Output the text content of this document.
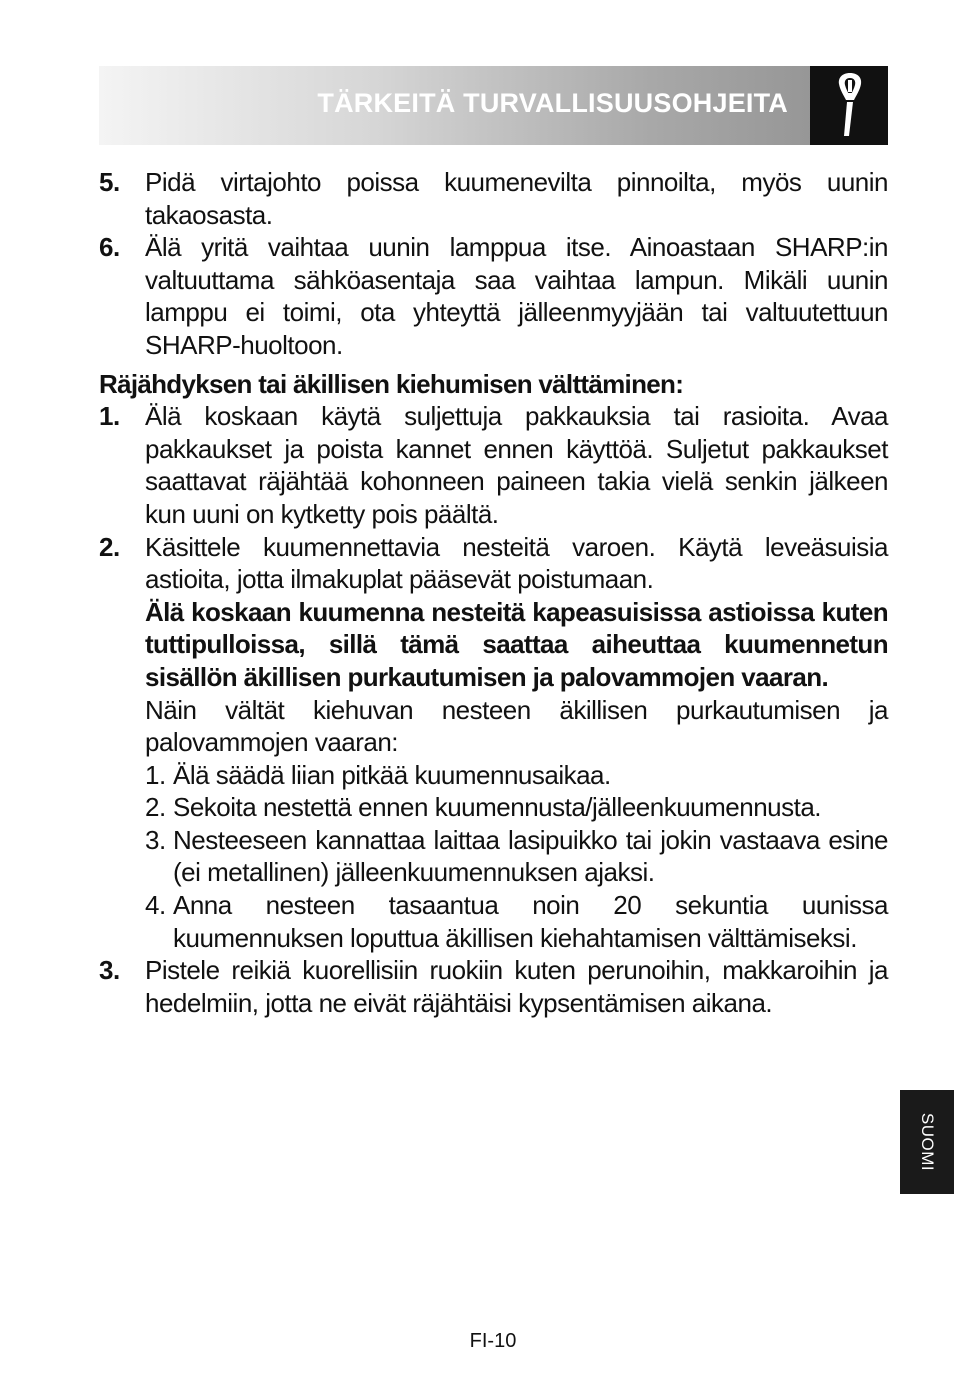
TÄRKEITÄ TURVALLISUUSOHJEITA
5. Pidä virtajohto poissa kuumenevilta pinnoilta, myös uunin takaosasta.

6. Älä yritä vaihtaa uunin lamppua itse. Ainoastaan SHARP:in valtuuttama sähköasentaja saa vaihtaa lampun. Mikäli uunin lamppu ei toimi, ota yhteyttä jälleenmyyjään tai valtuutettuun SHARP-huoltoon.

Räjähdyksen tai äkillisen kiehumisen välttäminen:

1. Älä koskaan käytä suljettuja pakkauksia tai rasioita. Avaa pakkaukset ja poista kannet ennen käyttöä. Suljetut pakkaukset saattavat räjähtää kohonneen paineen takia vielä senkin jälkeen kun uuni on kytketty pois päältä.

2. Käsittele kuumennettavia nesteitä varoen. Käytä leveäsuisia astioita, jotta ilmakuplat pääsevät poistumaan.

Älä koskaan kuumenna nesteitä kapeasuisissa astioissa kuten tuttipulloissa, sillä tämä saattaa aiheuttaa kuumennetun sisällön äkillisen purkautumisen ja palovammojen vaaran.

Näin vältät kiehuvan nesteen äkillisen purkautumisen ja palovammojen vaaran:

1. Älä säädä liian pitkää kuumennusaikaa.

2. Sekoita nestettä ennen kuumennusta/jälleenkuumennusta.

3. Nesteeseen kannattaa laittaa lasipuikko tai jokin vastaava esine (ei metallinen) jälleenkuumennuksen ajaksi.

4. Anna nesteen tasaantua noin 20 sekuntia uunissa kuumennuksen loputtua äkillisen kiehahtamisen välttämiseksi.

3. Pistele reikiä kuorellisiin ruokiin kuten perunoihin, makkaroihin ja hedelmiin, jotta ne eivät räjähtäisi kypsentämisen aikana.

SUOMI
FI-10
